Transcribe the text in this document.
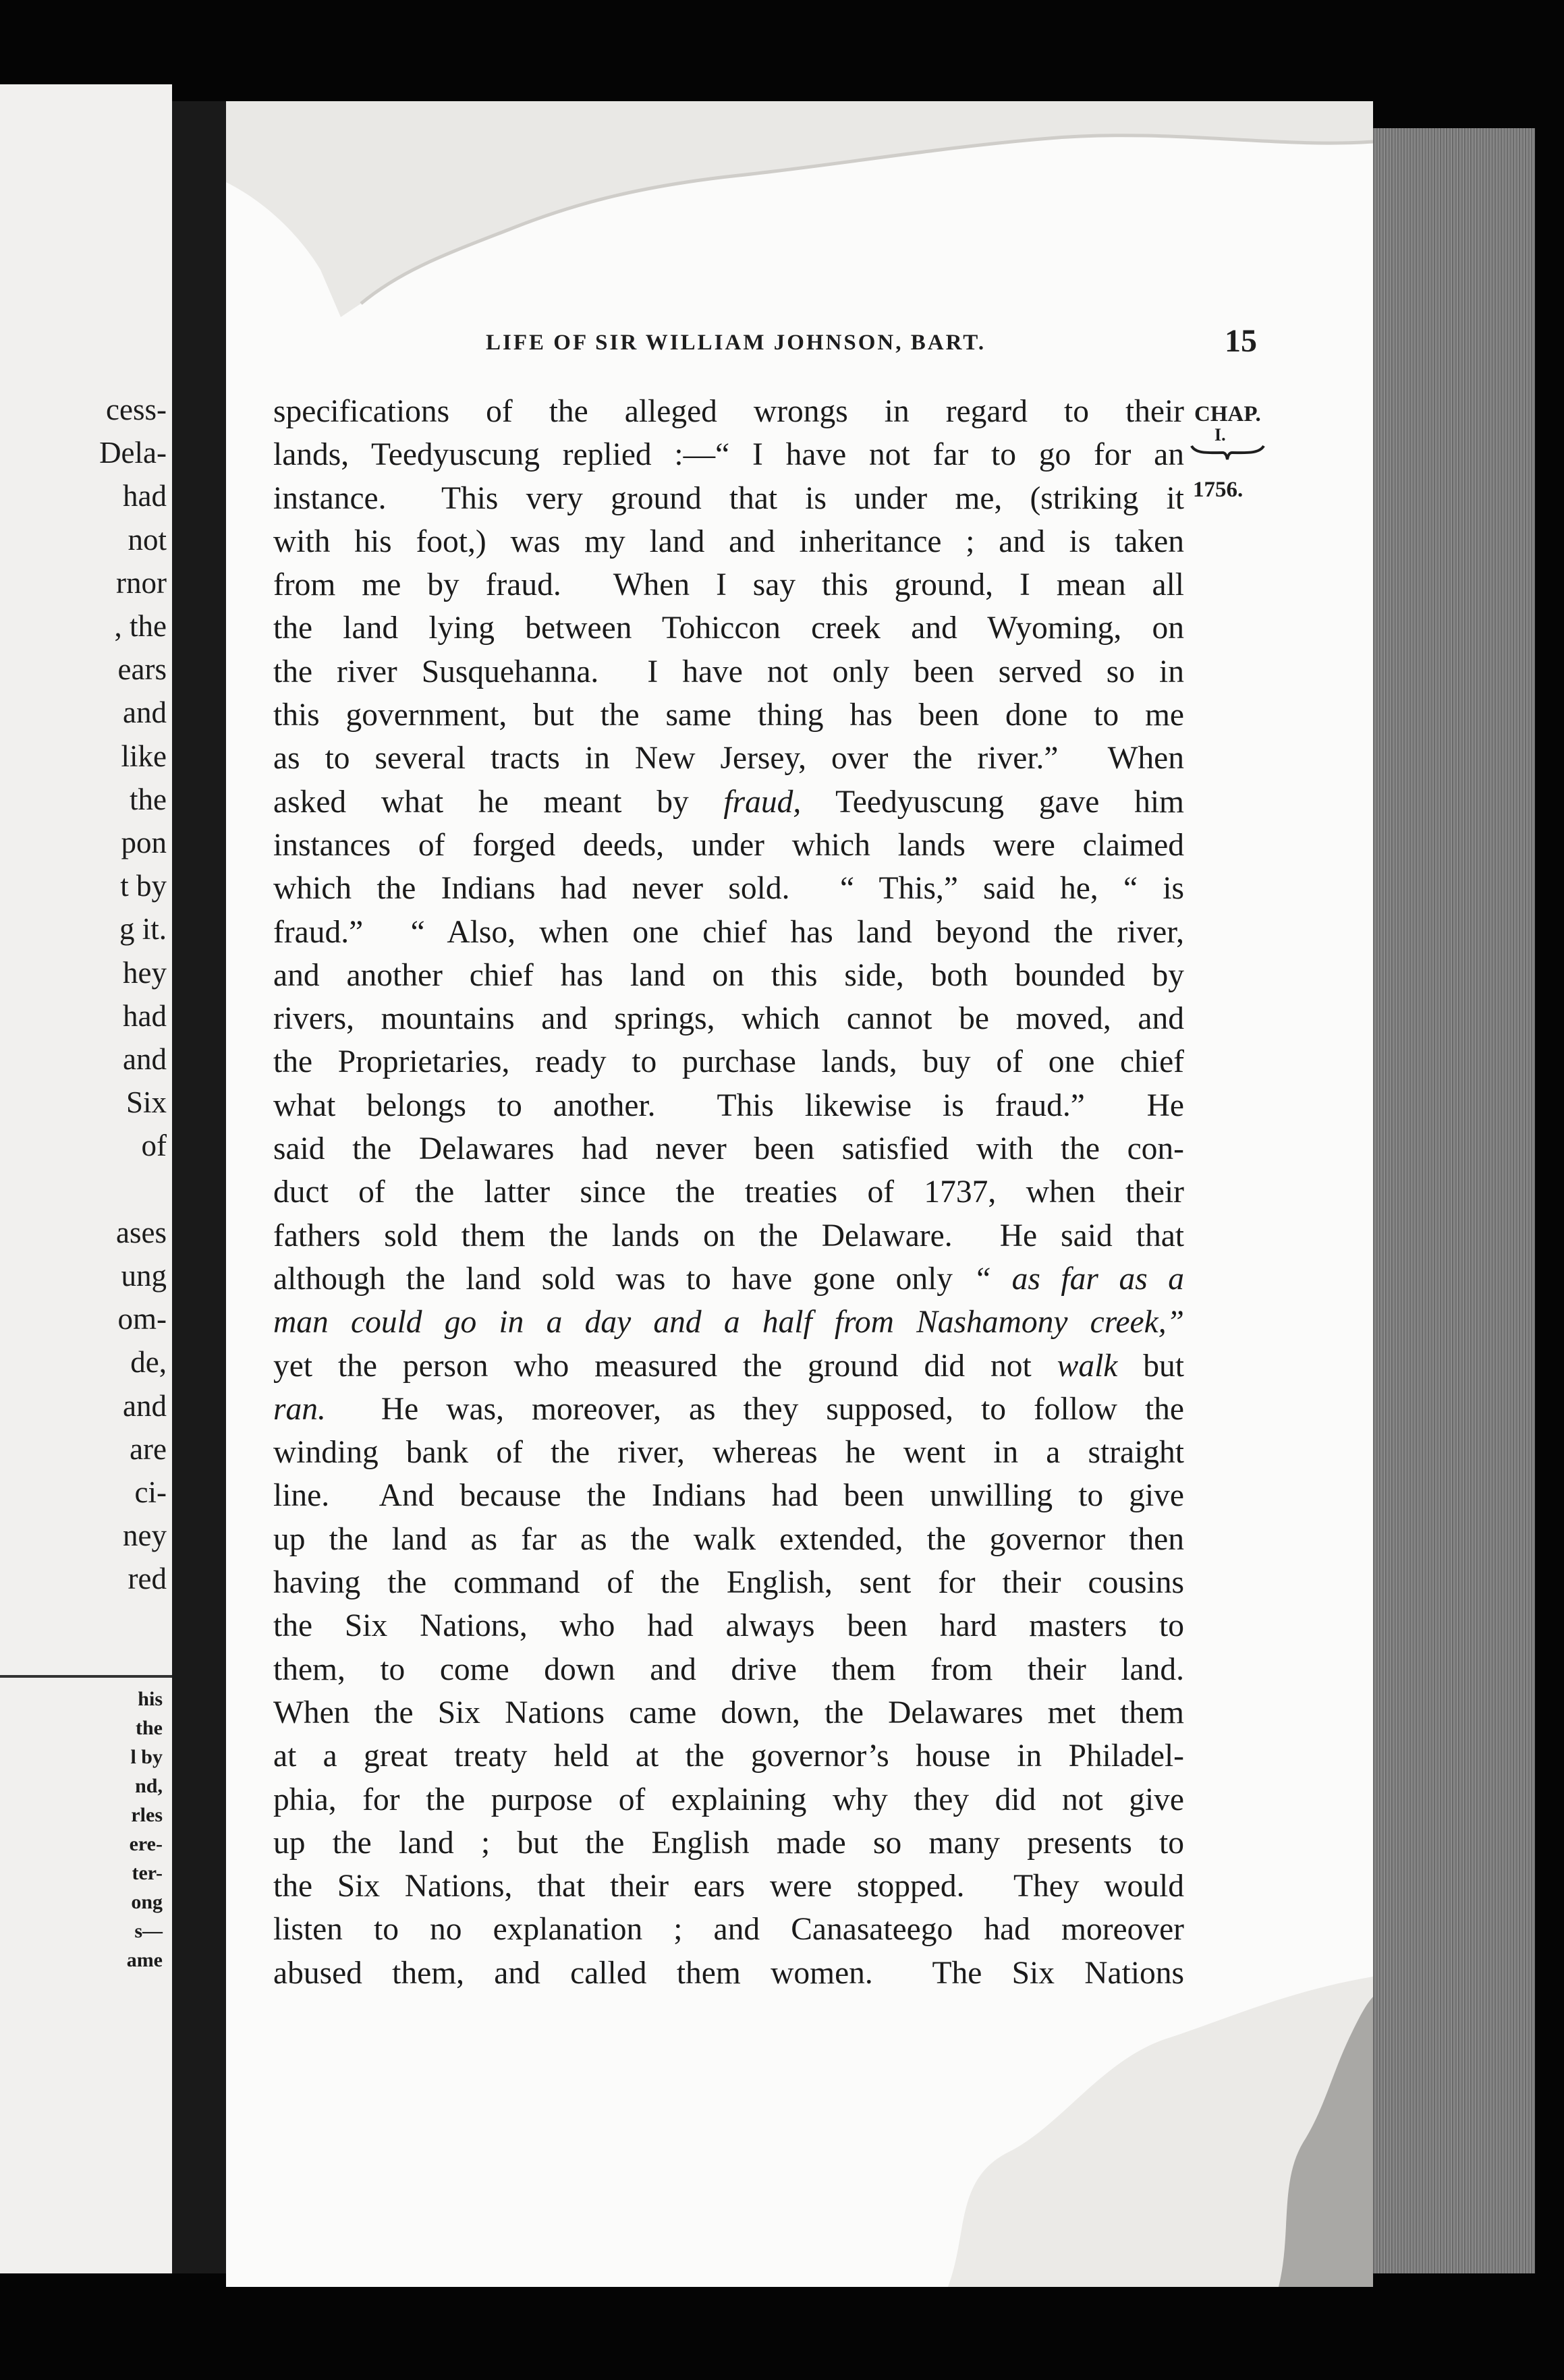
cess-
Dela-
had
not
rnor
, the
ears
and
like
the
pon
t by
g it.
hey
had
and
Six
of
ases
ung
om-
de,
and
are
ci-
ney
red
his
the
l by
nd,
rles
ere-
ter-
ong
s—
ame
LIFE OF SIR WILLIAM JOHNSON, BART.	15
CHAP.
I.
1756.
specifications of the alleged wrongs in regard to their
lands, Teedyuscung replied :—“ I have not far to go for an
instance.  This very ground that is under me, (striking it
with his foot,) was my land and inheritance ; and is taken
from me by fraud.  When I say this ground, I mean all
the land lying between Tohiccon creek and Wyoming, on
the river Susquehanna.  I have not only been served so in
this government, but the same thing has been done to me
as to several tracts in New Jersey, over the river.”  When
asked what he meant by fraud, Teedyuscung gave him
instances of forged deeds, under which lands were claimed
which the Indians had never sold.  “ This,” said he, “ is
fraud.”  “ Also, when one chief has land beyond the river,
and another chief has land on this side, both bounded by
rivers, mountains and springs, which cannot be moved, and
the Proprietaries, ready to purchase lands, buy of one chief
what belongs to another.  This likewise is fraud.”  He
said the Delawares had never been satisfied with the con-
duct of the latter since the treaties of 1737, when their
fathers sold them the lands on the Delaware.  He said that
although the land sold was to have gone only “ as far as a
man could go in a day and a half from Nashamony creek,”
yet the person who measured the ground did not walk but
ran.  He was, moreover, as they supposed, to follow the
winding bank of the river, whereas he went in a straight
line.  And because the Indians had been unwilling to give
up the land as far as the walk extended, the governor then
having the command of the English, sent for their cousins
the Six Nations, who had always been hard masters to
them, to come down and drive them from their land.
When the Six Nations came down, the Delawares met them
at a great treaty held at the governor’s house in Philadel-
phia, for the purpose of explaining why they did not give
up the land ; but the English made so many presents to
the Six Nations, that their ears were stopped.  They would
listen to no explanation ; and Canasateego had moreover
abused them, and called them women.  The Six Nations
